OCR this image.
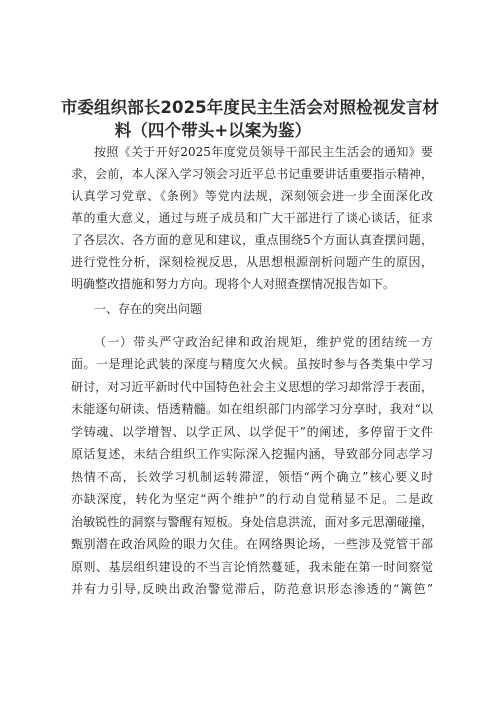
市委组织部长2025年度民主生活会对照检视发言材
料（四个带头+以案为鉴）
按照《关于开好2025年度党员领导干部民主生活会的通知》要
求，会前，本人深入学习领会习近平总书记重要讲话重要指示精神，
认真学习党章、《条例》等党内法规，深刻领会进一步全面深化改
革的重大意义，通过与班子成员和广大干部进行了谈心谈话，征求
了各层次、各方面的意见和建议，重点围绕5个方面认真查摆问题，
进行党性分析，深刻检视反思，从思想根源剖析问题产生的原因，
明确整改措施和努力方向。现将个人对照查摆情况报告如下。
一、存在的突出问题
（一）带头严守政治纪律和政治规矩，维护党的团结统一方
面。一是理论武装的深度与精度欠火候。虽按时参与各类集中学习
研讨，对习近平新时代中国特色社会主义思想的学习却常浮于表面，
未能逐句研读、悟透精髓。如在组织部门内部学习分享时，我对“以
学铸魂、以学增智、以学正风、以学促干”的阐述，多停留于文件
原话复述，未结合组织工作实际深入挖掘内涵，导致部分同志学习
热情不高，长效学习机制运转滞涩，领悟“两个确立”核心要义时
亦缺深度，转化为坚定“两个维护”的行动自觉稍显不足。二是政
治敏锐性的洞察与警醒有短板。身处信息洪流，面对多元思潮碰撞，
甄别潜在政治风险的眼力欠佳。在网络舆论场，一些涉及党管干部
原则、基层组织建设的不当言论悄然蔓延，我未能在第一时间察觉
并有力引导,反映出政治警觉滞后，防范意识形态渗透的“篱笆”
